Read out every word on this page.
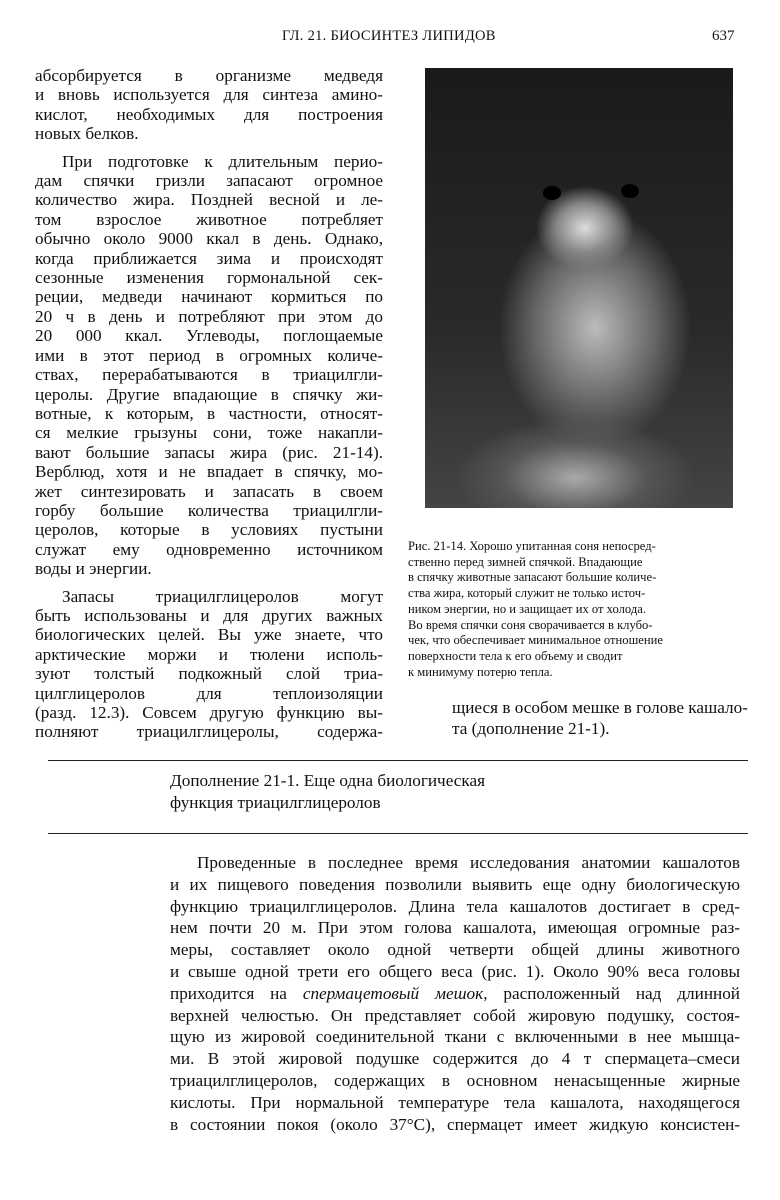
ГЛ. 21. БИОСИНТЕЗ ЛИПИДОВ	637
абсорбируется в организме медведя
и вновь используется для синтеза амино-
кислот, необходимых для построения
новых белков.
При подготовке к длительным перио-
дам спячки гризли запасают огромное
количество жира. Поздней весной и ле-
том взрослое животное потребляет
обычно около 9000 ккал в день. Однако,
когда приближается зима и происходят
сезонные изменения гормональной сек-
реции, медведи начинают кормиться по
20 ч в день и потребляют при этом до
20 000 ккал. Углеводы, поглощаемые
ими в этот период в огромных количе-
ствах, перерабатываются в триацилгли-
церолы. Другие впадающие в спячку жи-
вотные, к которым, в частности, относят-
ся мелкие грызуны сони, тоже накапли-
вают большие запасы жира (рис. 21-14).
Верблюд, хотя и не впадает в спячку, мо-
жет синтезировать и запасать в своем
горбу большие количества триацилгли-
церолов, которые в условиях пустыни
служат ему одновременно источником
воды и энергии.
Запасы триацилглицеролов могут
быть использованы и для других важных
биологических целей. Вы уже знаете, что
арктические моржи и тюлени исполь-
зуют толстый подкожный слой триа-
цилглицеролов для теплоизоляции
(разд. 12.3). Совсем другую функцию вы-
полняют триацилглицеролы, содержа-
Рис. 21-14. Хорошо упитанная соня непосред-
ственно перед зимней спячкой. Впадающие
в спячку животные запасают большие количе-
ства жира, который служит не только источ-
ником энергии, но и защищает их от холода.
Во время спячки соня сворачивается в клубо-
чек, что обеспечивает минимальное отношение
поверхности тела к его объему и сводит
к минимуму потерю тепла.
щиеся в особом мешке в голове кашало-
та (дополнение 21-1).
Дополнение 21-1. Еще одна биологическая
функция триацилглицеролов
Проведенные в последнее время исследования анатомии кашалотов
и их пищевого поведения позволили выявить еще одну биологическую
функцию триацилглицеролов. Длина тела кашалотов достигает в сред-
нем почти 20 м. При этом голова кашалота, имеющая огромные раз-
меры, составляет около одной четверти общей длины животного
и свыше одной трети его общего веса (рис. 1). Около 90% веса головы
приходится на спермацетовый мешок, расположенный над длинной
верхней челюстью. Он представляет собой жировую подушку, состоя-
щую из жировой соединительной ткани с включенными в нее мышца-
ми. В этой жировой подушке содержится до 4 т спермацета–смеси
триацилглицеролов, содержащих в основном ненасыщенные жирные
кислоты. При нормальной температуре тела кашалота, находящегося
в состоянии покоя (около 37°С), спермацет имеет жидкую консистен-
